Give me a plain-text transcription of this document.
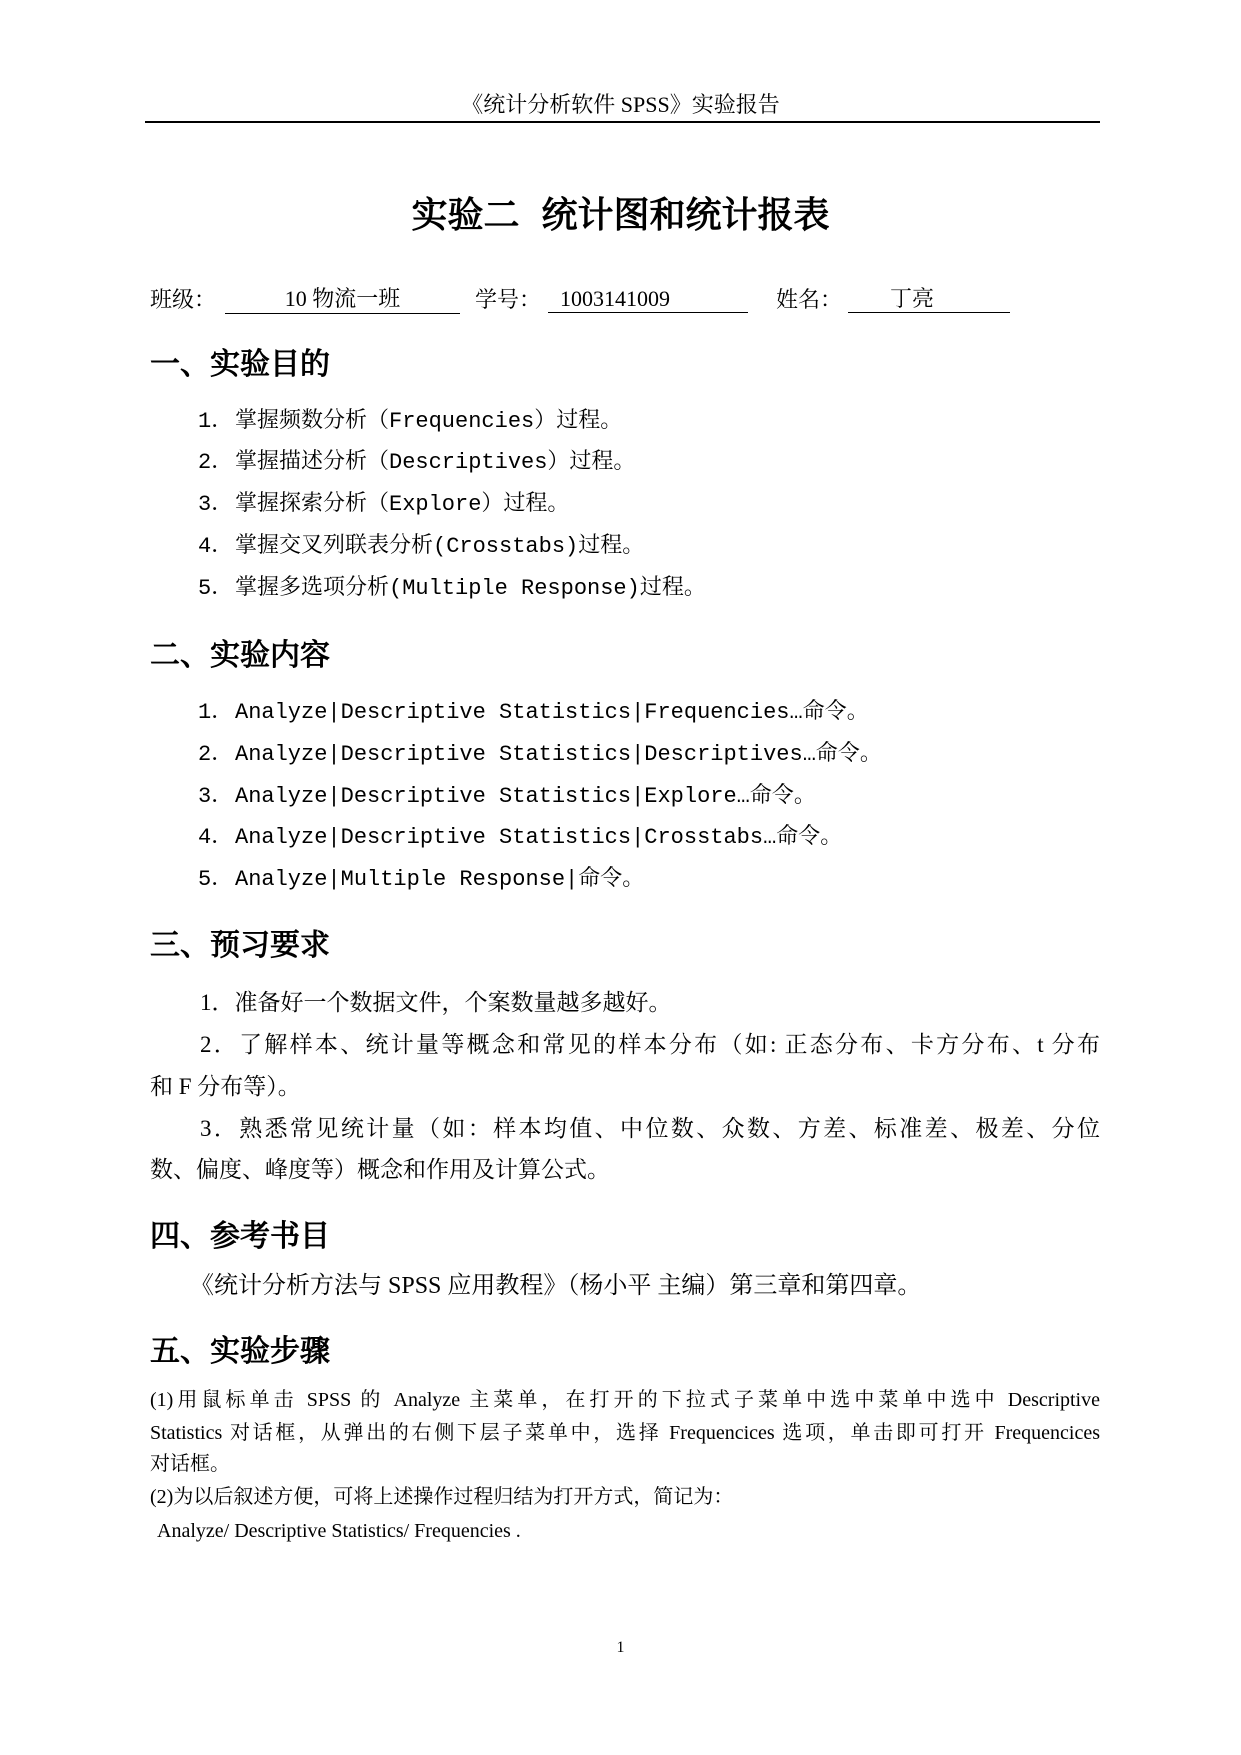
《统计分析软件 SPSS》实验报告
实验二 统计图和统计报表
班级：	10 物流一班	学号： 1003141009	姓名：	丁亮
一、实验目的
1． 掌握频数分析（Frequencies）过程。
2． 掌握描述分析（Descriptives）过程。
3． 掌握探索分析（Explore）过程。
4． 掌握交叉列联表分析(Crosstabs)过程。
5． 掌握多选项分析(Multiple Response)过程。
二、实验内容
1． Analyze|Descriptive Statistics|Frequencies…命令。
2． Analyze|Descriptive Statistics|Descriptives…命令。
3． Analyze|Descriptive Statistics|Explore…命令。
4． Analyze|Descriptive Statistics|Crosstabs…命令。
5． Analyze|Multiple Response|命令。
三、预习要求
1．准备好一个数据文件，个案数量越多越好。
2．了解样本、统计量等概念和常见的样本分布（如: 正态分布、卡方分布、t 分布
和 F 分布等）。
3．熟悉常见统计量（如：样本均值、中位数、众数、方差、标准差、极差、分位
数、偏度、峰度等）概念和作用及计算公式。
四、参考书目
《统计分析方法与 SPSS 应用教程》（杨小平 主编）第三章和第四章。
五、实验步骤
(1)用鼠标单击 SPSS 的 Analyze 主菜单，在打开的下拉式子菜单中选中菜单中选中 Descriptive
Statistics 对话框，从弹出的右侧下层子菜单中，选择 Frequencices 选项，单击即可打开 Frequencices
对话框。
(2)为以后叙述方便，可将上述操作过程归结为打开方式，简记为：
Analyze/ Descriptive Statistics/ Frequencies .
1
